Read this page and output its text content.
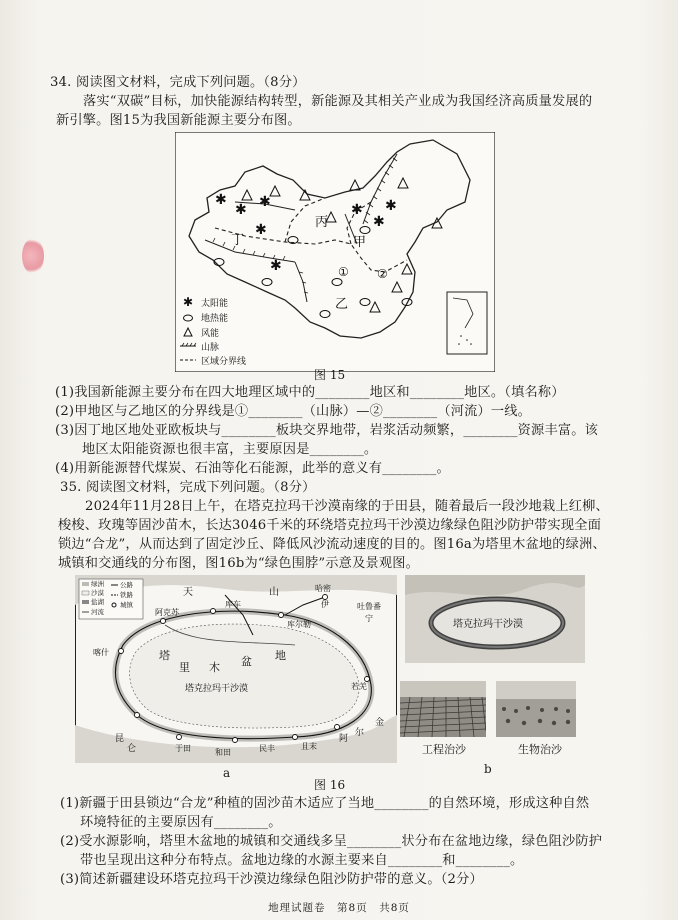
34. 阅读图文材料，完成下列问题。（8分）
落实“双碳”目标，加快能源结构转型，新能源及其相关产业成为我国经济高质量发展的
新引擎。图15为我国新能源主要分布图。
✱
✱ ✱	✱
✱
✱
✱
✱
丙
甲
丁
乙
① ②
✱ 太阳能
地热能
风能
山脉
区域分界线
图 15
(1)我国新能源主要分布在四大地理区域中的________地区和________地区。（填名称）
(2)甲地区与乙地区的分界线是①________（山脉）—②________（河流）一线。
(3)因丁地区地处亚欧板块与________板块交界地带，岩浆活动频繁，________资源丰富。该
地区太阳能资源也很丰富，主要原因是________。
(4)用新能源替代煤炭、石油等化石能源，此举的意义有________。
35. 阅读图文材料，完成下列问题。（8分）
2024年11月28日上午，在塔克拉玛干沙漠南缘的于田县，随着最后一段沙地栽上红柳、
梭梭、玫瑰等固沙苗木，长达3046千米的环绕塔克拉玛干沙漠边缘绿色阻沙防护带实现全面
锁边“合龙”，从而达到了固定沙丘、降低风沙流动速度的目的。图16a为塔里木盆地的绿洲、
城镇和交通线的分布图，图16b为“绿色围脖”示意及景观图。
绿洲
沙漠
盐湖
河流
公路
铁路
城镇
天	山	哈密
库车
库尔勒
塔
里 木 盆 地
塔克拉玛干沙漠
阿克苏
喀什
和田
若羌
且末
民丰
于田
阿
尔
金
昆
仑
吐鲁番
伊
宁
a
塔克拉玛干沙漠
工程治沙	生物治沙
b
图 16
(1)新疆于田县锁边“合龙”种植的固沙苗木适应了当地________的自然环境，形成这种自然
环境特征的主要原因有________。
(2)受水源影响，塔里木盆地的城镇和交通线多呈________状分布在盆地边缘，绿色阻沙防护
带也呈现出这种分布特点。盆地边缘的水源主要来自________和________。
(3)简述新疆建设环塔克拉玛干沙漠边缘绿色阻沙防护带的意义。（2分）
地理试题卷　第8页　共8页
